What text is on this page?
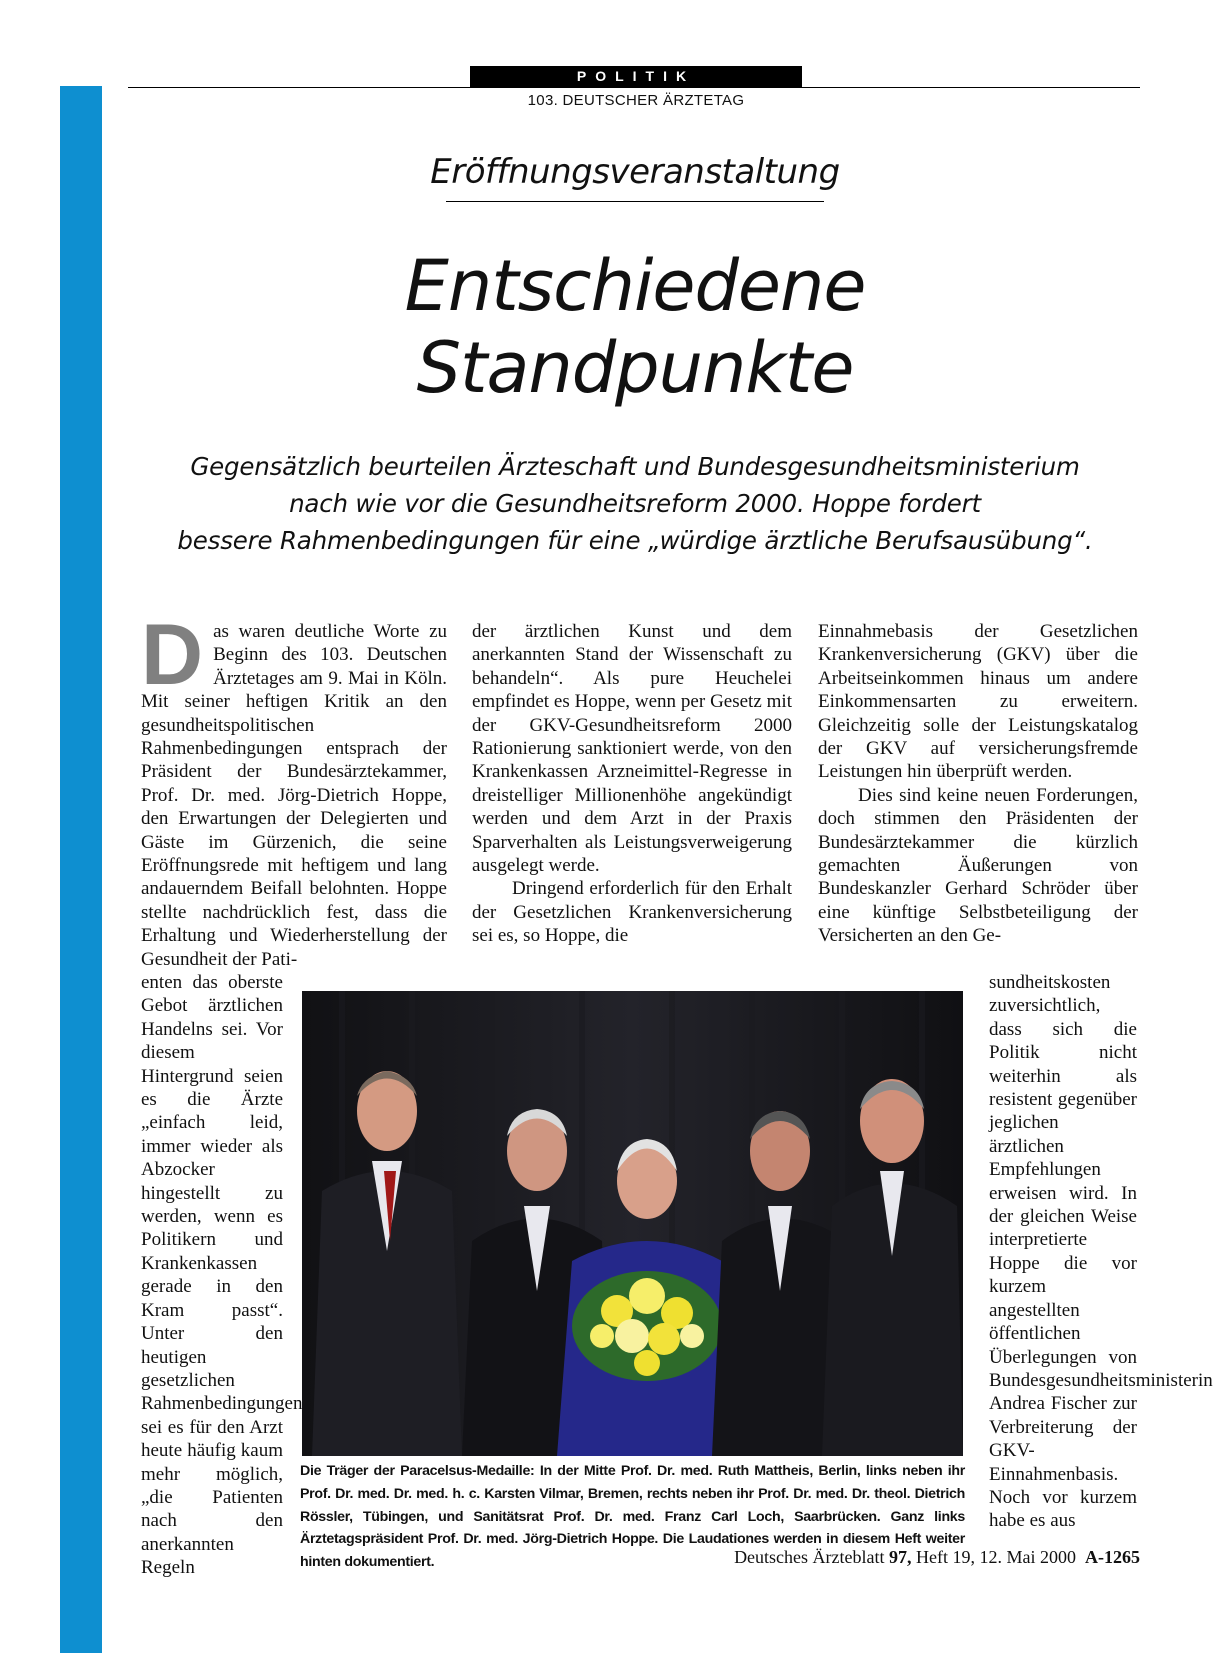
POLITIK
103. DEUTSCHER ÄRZTETAG
Eröffnungsveranstaltung
Entschiedene
Standpunkte
Gegensätzlich beurteilen Ärzteschaft und Bundesgesundheitsministerium
nach wie vor die Gesundheitsreform 2000. Hoppe fordert
bessere Rahmenbedingungen für eine „würdige ärztliche Berufsausübung“.
D as waren deutliche Worte zu Beginn des 103. Deutschen Ärztetages am 9. Mai in Köln. Mit seiner heftigen Kritik an den gesundheitspolitischen Rahmenbedingungen entsprach der Präsident der Bundesärztekammer, Prof. Dr. med. Jörg-Dietrich Hoppe, den Erwartungen der Delegierten und Gäste im Gürzenich, die seine Eröffnungsrede mit heftigem und lang andauerndem Beifall belohnten. Hoppe stellte nachdrücklich fest, dass die Erhaltung und Wiederherstellung der Gesundheit der Pati-

enten das oberste Gebot ärztlichen Handelns sei. Vor diesem Hintergrund seien es die Ärzte „einfach leid, immer wieder als Abzocker hingestellt zu werden, wenn es Politikern und Krankenkassen gerade in den Kram passt“. Unter den heutigen gesetzlichen Rahmenbedingungen sei es für den Arzt heute häufig kaum mehr möglich, „die Patienten nach den anerkannten Regeln

der ärztlichen Kunst und dem anerkannten Stand der Wissenschaft zu behandeln“. Als pure Heuchelei empfindet es Hoppe, wenn per Gesetz mit der GKV-Gesundheitsreform 2000 Rationierung sanktioniert werde, von den Krankenkassen Arzneimittel-Regresse in dreistelliger Millionenhöhe angekündigt werden und dem Arzt in der Praxis Sparverhalten als Leistungsverweigerung ausgelegt werde.

Dringend erforderlich für den Erhalt der Gesetzlichen Krankenversicherung sei es, so Hoppe, die

Einnahmebasis der Gesetzlichen Krankenversicherung (GKV) über die Arbeitseinkommen hinaus um andere Einkommensarten zu erweitern. Gleichzeitig solle der Leistungskatalog der GKV auf versicherungsfremde Leistungen hin überprüft werden.

Dies sind keine neuen Forderungen, doch stimmen den Präsidenten der Bundesärztekammer die kürzlich gemachten Äußerungen von Bundeskanzler Gerhard Schröder über eine künftige Selbstbeteiligung der Versicherten an den Ge-

sundheitskosten zuversichtlich, dass sich die Politik nicht weiterhin als resistent gegenüber jeglichen ärztlichen Empfehlungen erweisen wird. In der gleichen Weise interpretierte Hoppe die vor kurzem angestellten öffentlichen Überlegungen von Bundesgesundheitsministerin Andrea Fischer zur Verbreiterung der GKV-Einnahmenbasis. Noch vor kurzem habe es aus

Die Träger der Paracelsus-Medaille: In der Mitte Prof. Dr. med. Ruth Mattheis, Berlin, links neben ihr Prof. Dr. med. Dr. med. h. c. Karsten Vilmar, Bremen, rechts neben ihr Prof. Dr. med. Dr. theol. Dietrich Rössler, Tübingen, und Sanitätsrat Prof. Dr. med. Franz Carl Loch, Saarbrücken. Ganz links Ärztetagspräsident Prof. Dr. med. Jörg-Dietrich Hoppe. Die Laudationes werden in diesem Heft weiter hinten dokumentiert.	Deutsches Ärzteblatt 97, Heft 19, 12. Mai 2000 A-1265
